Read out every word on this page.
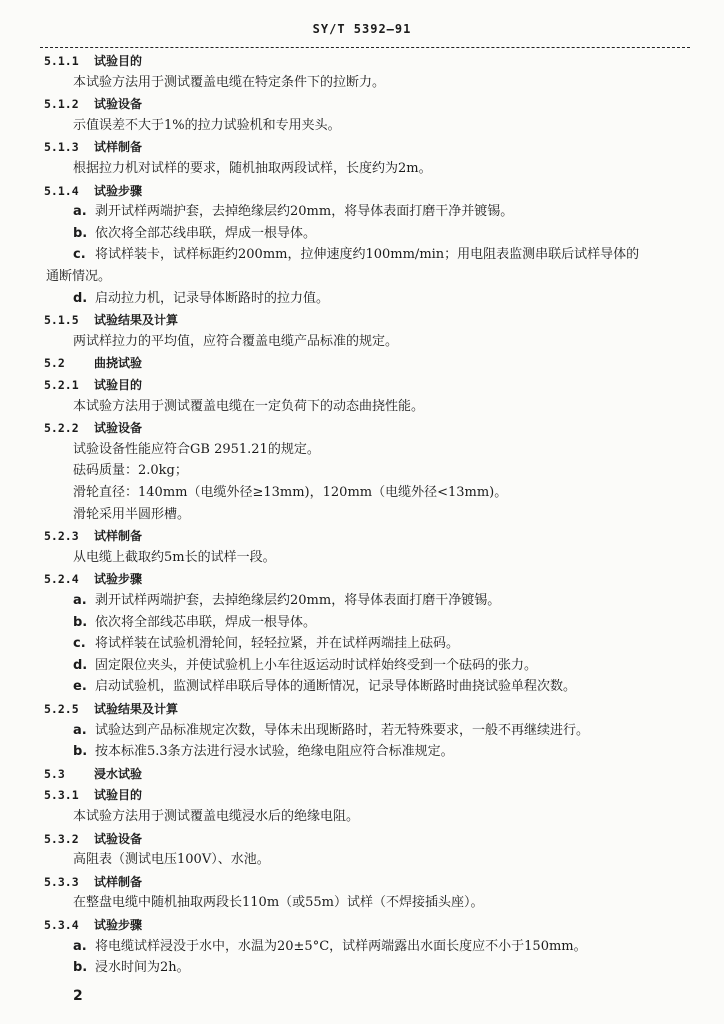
SY/T 5392—91
5.1.1 试验目的
本试验方法用于测试覆盖电缆在特定条件下的拉断力。
5.1.2 试验设备
示值误差不大于1%的拉力试验机和专用夹头。
5.1.3 试样制备
根据拉力机对试样的要求，随机抽取两段试样，长度约为2m。
5.1.4 试验步骤
a. 剥开试样两端护套，去掉绝缘层约20mm，将导体表面打磨干净并镀锡。
b. 依次将全部芯线串联，焊成一根导体。
c. 将试样装卡，试样标距约200mm，拉伸速度约100mm/min；用电阻表监测串联后试样导体的
通断情况。
d. 启动拉力机，记录导体断路时的拉力值。
5.1.5 试验结果及计算
两试样拉力的平均值，应符合覆盖电缆产品标准的规定。
5.2 曲挠试验
5.2.1 试验目的
本试验方法用于测试覆盖电缆在一定负荷下的动态曲挠性能。
5.2.2 试验设备
试验设备性能应符合GB 2951.21的规定。
砝码质量：2.0kg；
滑轮直径：140mm（电缆外径≥13mm)，120mm（电缆外径<13mm)。
滑轮采用半圆形槽。
5.2.3 试样制备
从电缆上截取约5m长的试样一段。
5.2.4 试验步骤
a. 剥开试样两端护套，去掉绝缘层约20mm，将导体表面打磨干净镀锡。
b. 依次将全部线芯串联，焊成一根导体。
c. 将试样装在试验机滑轮间，轻轻拉紧，并在试样两端挂上砝码。
d. 固定限位夹头，并使试验机上小车往返运动时试样始终受到一个砝码的张力。
e. 启动试验机，监测试样串联后导体的通断情况，记录导体断路时曲挠试验单程次数。
5.2.5 试验结果及计算
a. 试验达到产品标准规定次数，导体未出现断路时，若无特殊要求，一般不再继续进行。
b. 按本标准5.3条方法进行浸水试验，绝缘电阻应符合标准规定。
5.3 浸水试验
5.3.1 试验目的
本试验方法用于测试覆盖电缆浸水后的绝缘电阻。
5.3.2 试验设备
高阻表（测试电压100V）、水池。
5.3.3 试样制备
在整盘电缆中随机抽取两段长110m（或55m）试样（不焊接插头座）。
5.3.4 试验步骤
a. 将电缆试样浸没于水中，水温为20±5°C，试样两端露出水面长度应不小于150mm。
b. 浸水时间为2h。
2
